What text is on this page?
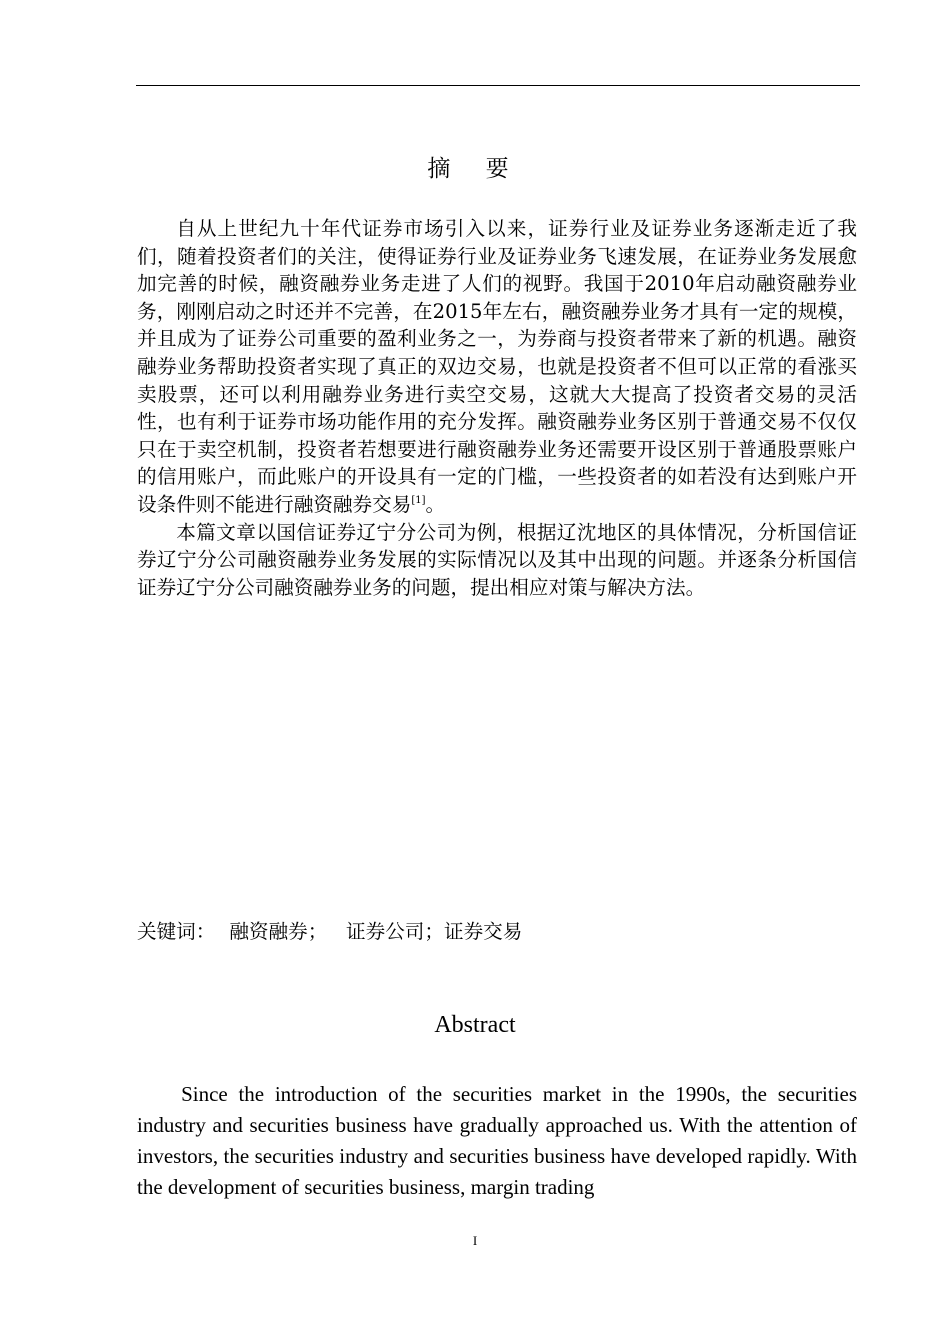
摘 要

自从上世纪九十年代证券市场引入以来，证券行业及证券业务逐渐走近了我们，随着投资者们的关注，使得证券行业及证券业务飞速发展，在证券业务发展愈加完善的时候，融资融券业务走进了人们的视野。我国于2010年启动融资融券业务，刚刚启动之时还并不完善，在2015年左右，融资融券业务才具有一定的规模，并且成为了证券公司重要的盈利业务之一，为券商与投资者带来了新的机遇。融资融券业务帮助投资者实现了真正的双边交易，也就是投资者不但可以正常的看涨买卖股票，还可以利用融券业务进行卖空交易，这就大大提高了投资者交易的灵活性，也有利于证券市场功能作用的充分发挥。融资融券业务区别于普通交易不仅仅只在于卖空机制，投资者若想要进行融资融券业务还需要开设区别于普通股票账户的信用账户，而此账户的开设具有一定的门槛，一些投资者的如若没有达到账户开设条件则不能进行融资融券交易[1]。

本篇文章以国信证券辽宁分公司为例，根据辽沈地区的具体情况，分析国信证券辽宁分公司融资融券业务发展的实际情况以及其中出现的问题。并逐条分析国信证券辽宁分公司融资融券业务的问题，提出相应对策与解决方法。

关键词： 融资融券； 证券公司；证券交易
Abstract

Since the introduction of the securities market in the 1990s, the securities industry and securities business have gradually approached us. With the attention of investors, the securities industry and securities business have developed rapidly. With the development of securities business, margin trading

I
